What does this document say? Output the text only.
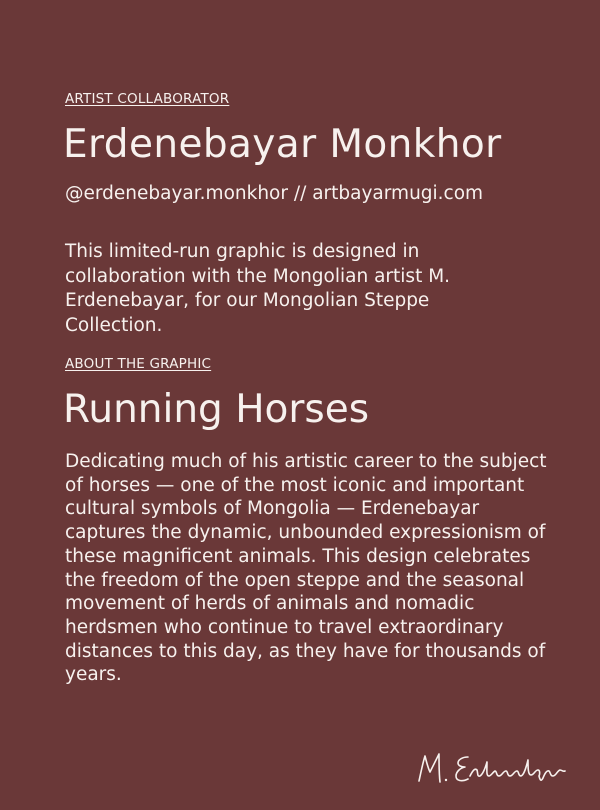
ARTIST COLLABORATOR

Erdenebayar Monkhor

@erdenebayar.monkhor // artbayarmugi.com

This limited-run graphic is designed in collaboration with the Mongolian artist M. Erdenebayar, for our Mongolian Steppe Collection.

ABOUT THE GRAPHIC

Running Horses

Dedicating much of his artistic career to the subject of horses — one of the most iconic and important cultural symbols of Mongolia — Erdenebayar captures the dynamic, unbounded expressionism of these magnificent animals. This design celebrates the freedom of the open steppe and the seasonal movement of herds of animals and nomadic herdsmen who continue to travel extraordinary distances to this day, as they have for thousands of years.
